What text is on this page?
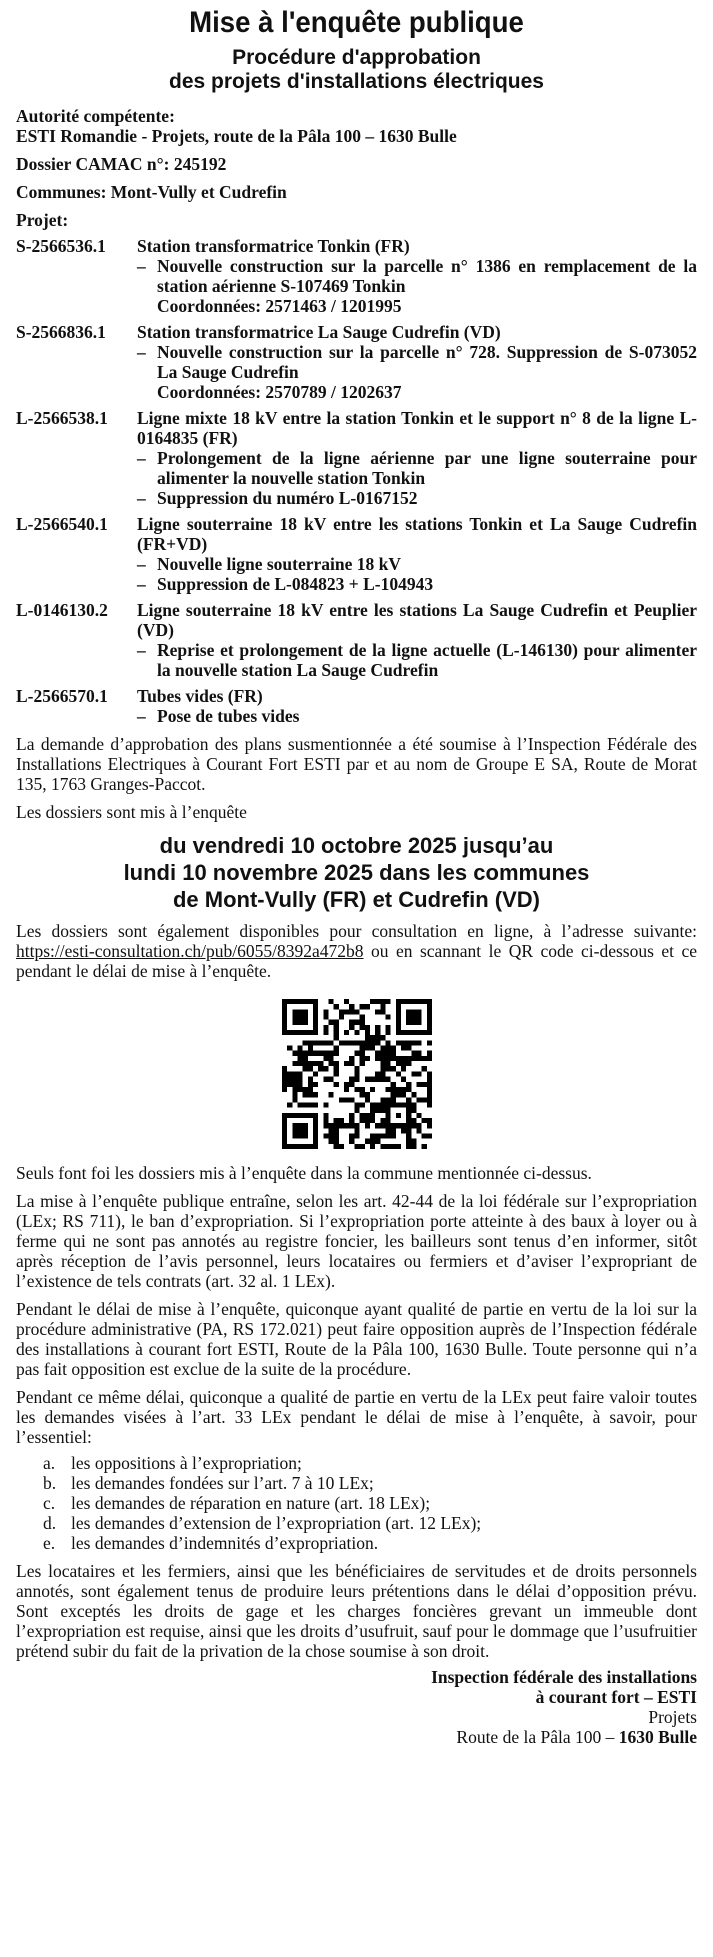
Mise à l'enquête publique
Procédure d'approbation
des projets d'installations électriques
Autorité compétente:
ESTI Romandie - Projets, route de la Pâla 100 – 1630 Bulle
Dossier CAMAC n°: 245192
Communes: Mont-Vully et Cudrefin
Projet:
S-2566536.1	Station transformatrice Tonkin (FR)
– Nouvelle construction sur la parcelle n° 1386 en remplacement de la station aérienne S-107469 Tonkin
Coordonnées: 2571463 / 1201995
S-2566836.1	Station transformatrice La Sauge Cudrefin (VD)
– Nouvelle construction sur la parcelle n° 728. Suppression de S-073052 La Sauge Cudrefin
Coordonnées: 2570789 / 1202637
L-2566538.1	Ligne mixte 18 kV entre la station Tonkin et le support n° 8 de la ligne L-0164835 (FR)
– Prolongement de la ligne aérienne par une ligne souterraine pour alimenter la nouvelle station Tonkin
– Suppression du numéro L-0167152
L-2566540.1	Ligne souterraine 18 kV entre les stations Tonkin et La Sauge Cudrefin (FR+VD)
– Nouvelle ligne souterraine 18 kV
– Suppression de L-084823 + L-104943
L-0146130.2	Ligne souterraine 18 kV entre les stations La Sauge Cudrefin et Peuplier (VD)
– Reprise et prolongement de la ligne actuelle (L-146130) pour alimenter la nouvelle station La Sauge Cudrefin
L-2566570.1	Tubes vides (FR)
– Pose de tubes vides

La demande d’approbation des plans susmentionnée a été soumise à l’Inspection Fédérale des Installations Electriques à Courant Fort ESTI par et au nom de Groupe E SA, Route de Morat 135, 1763 Granges-Paccot.

Les dossiers sont mis à l’enquête

du vendredi 10 octobre 2025 jusqu’au
lundi 10 novembre 2025 dans les communes
de Mont-Vully (FR) et Cudrefin (VD)

Les dossiers sont également disponibles pour consultation en ligne, à l’adresse suivante: https://esti-consultation.ch/pub/6055/8392a472b8 ou en scannant le QR code ci-dessous et ce pendant le délai de mise à l’enquête.

Seuls font foi les dossiers mis à l’enquête dans la commune mentionnée ci-dessus.

La mise à l’enquête publique entraîne, selon les art. 42-44 de la loi fédérale sur l’expropriation (LEx; RS 711), le ban d’expropriation. Si l’expropriation porte atteinte à des baux à loyer ou à ferme qui ne sont pas annotés au registre foncier, les bailleurs sont tenus d’en informer, sitôt après réception de l’avis personnel, leurs locataires ou fermiers et d’aviser l’expropriant de l’existence de tels contrats (art. 32 al. 1 LEx).

Pendant le délai de mise à l’enquête, quiconque ayant qualité de partie en vertu de la loi sur la procédure administrative (PA, RS 172.021) peut faire opposition auprès de l’Inspection fédérale des installations à courant fort ESTI, Route de la Pâla 100, 1630 Bulle. Toute personne qui n’a pas fait opposition est exclue de la suite de la procédure.

Pendant ce même délai, quiconque a qualité de partie en vertu de la LEx peut faire valoir toutes les demandes visées à l’art. 33 LEx pendant le délai de mise à l’enquête, à savoir, pour l’essentiel:

a. les oppositions à l’expropriation;
b. les demandes fondées sur l’art. 7 à 10 LEx;
c. les demandes de réparation en nature (art. 18 LEx);
d. les demandes d’extension de l’expropriation (art. 12 LEx);
e. les demandes d’indemnités d’expropriation.

Les locataires et les fermiers, ainsi que les bénéficiaires de servitudes et de droits personnels annotés, sont également tenus de produire leurs prétentions dans le délai d’opposition prévu. Sont exceptés les droits de gage et les charges foncières grevant un immeuble dont l’expropriation est requise, ainsi que les droits d’usufruit, sauf pour le dommage que l’usufruitier prétend subir du fait de la privation de la chose soumise à son droit.

Inspection fédérale des installations
à courant fort – ESTI
Projets
Route de la Pâla 100 – 1630 Bulle
